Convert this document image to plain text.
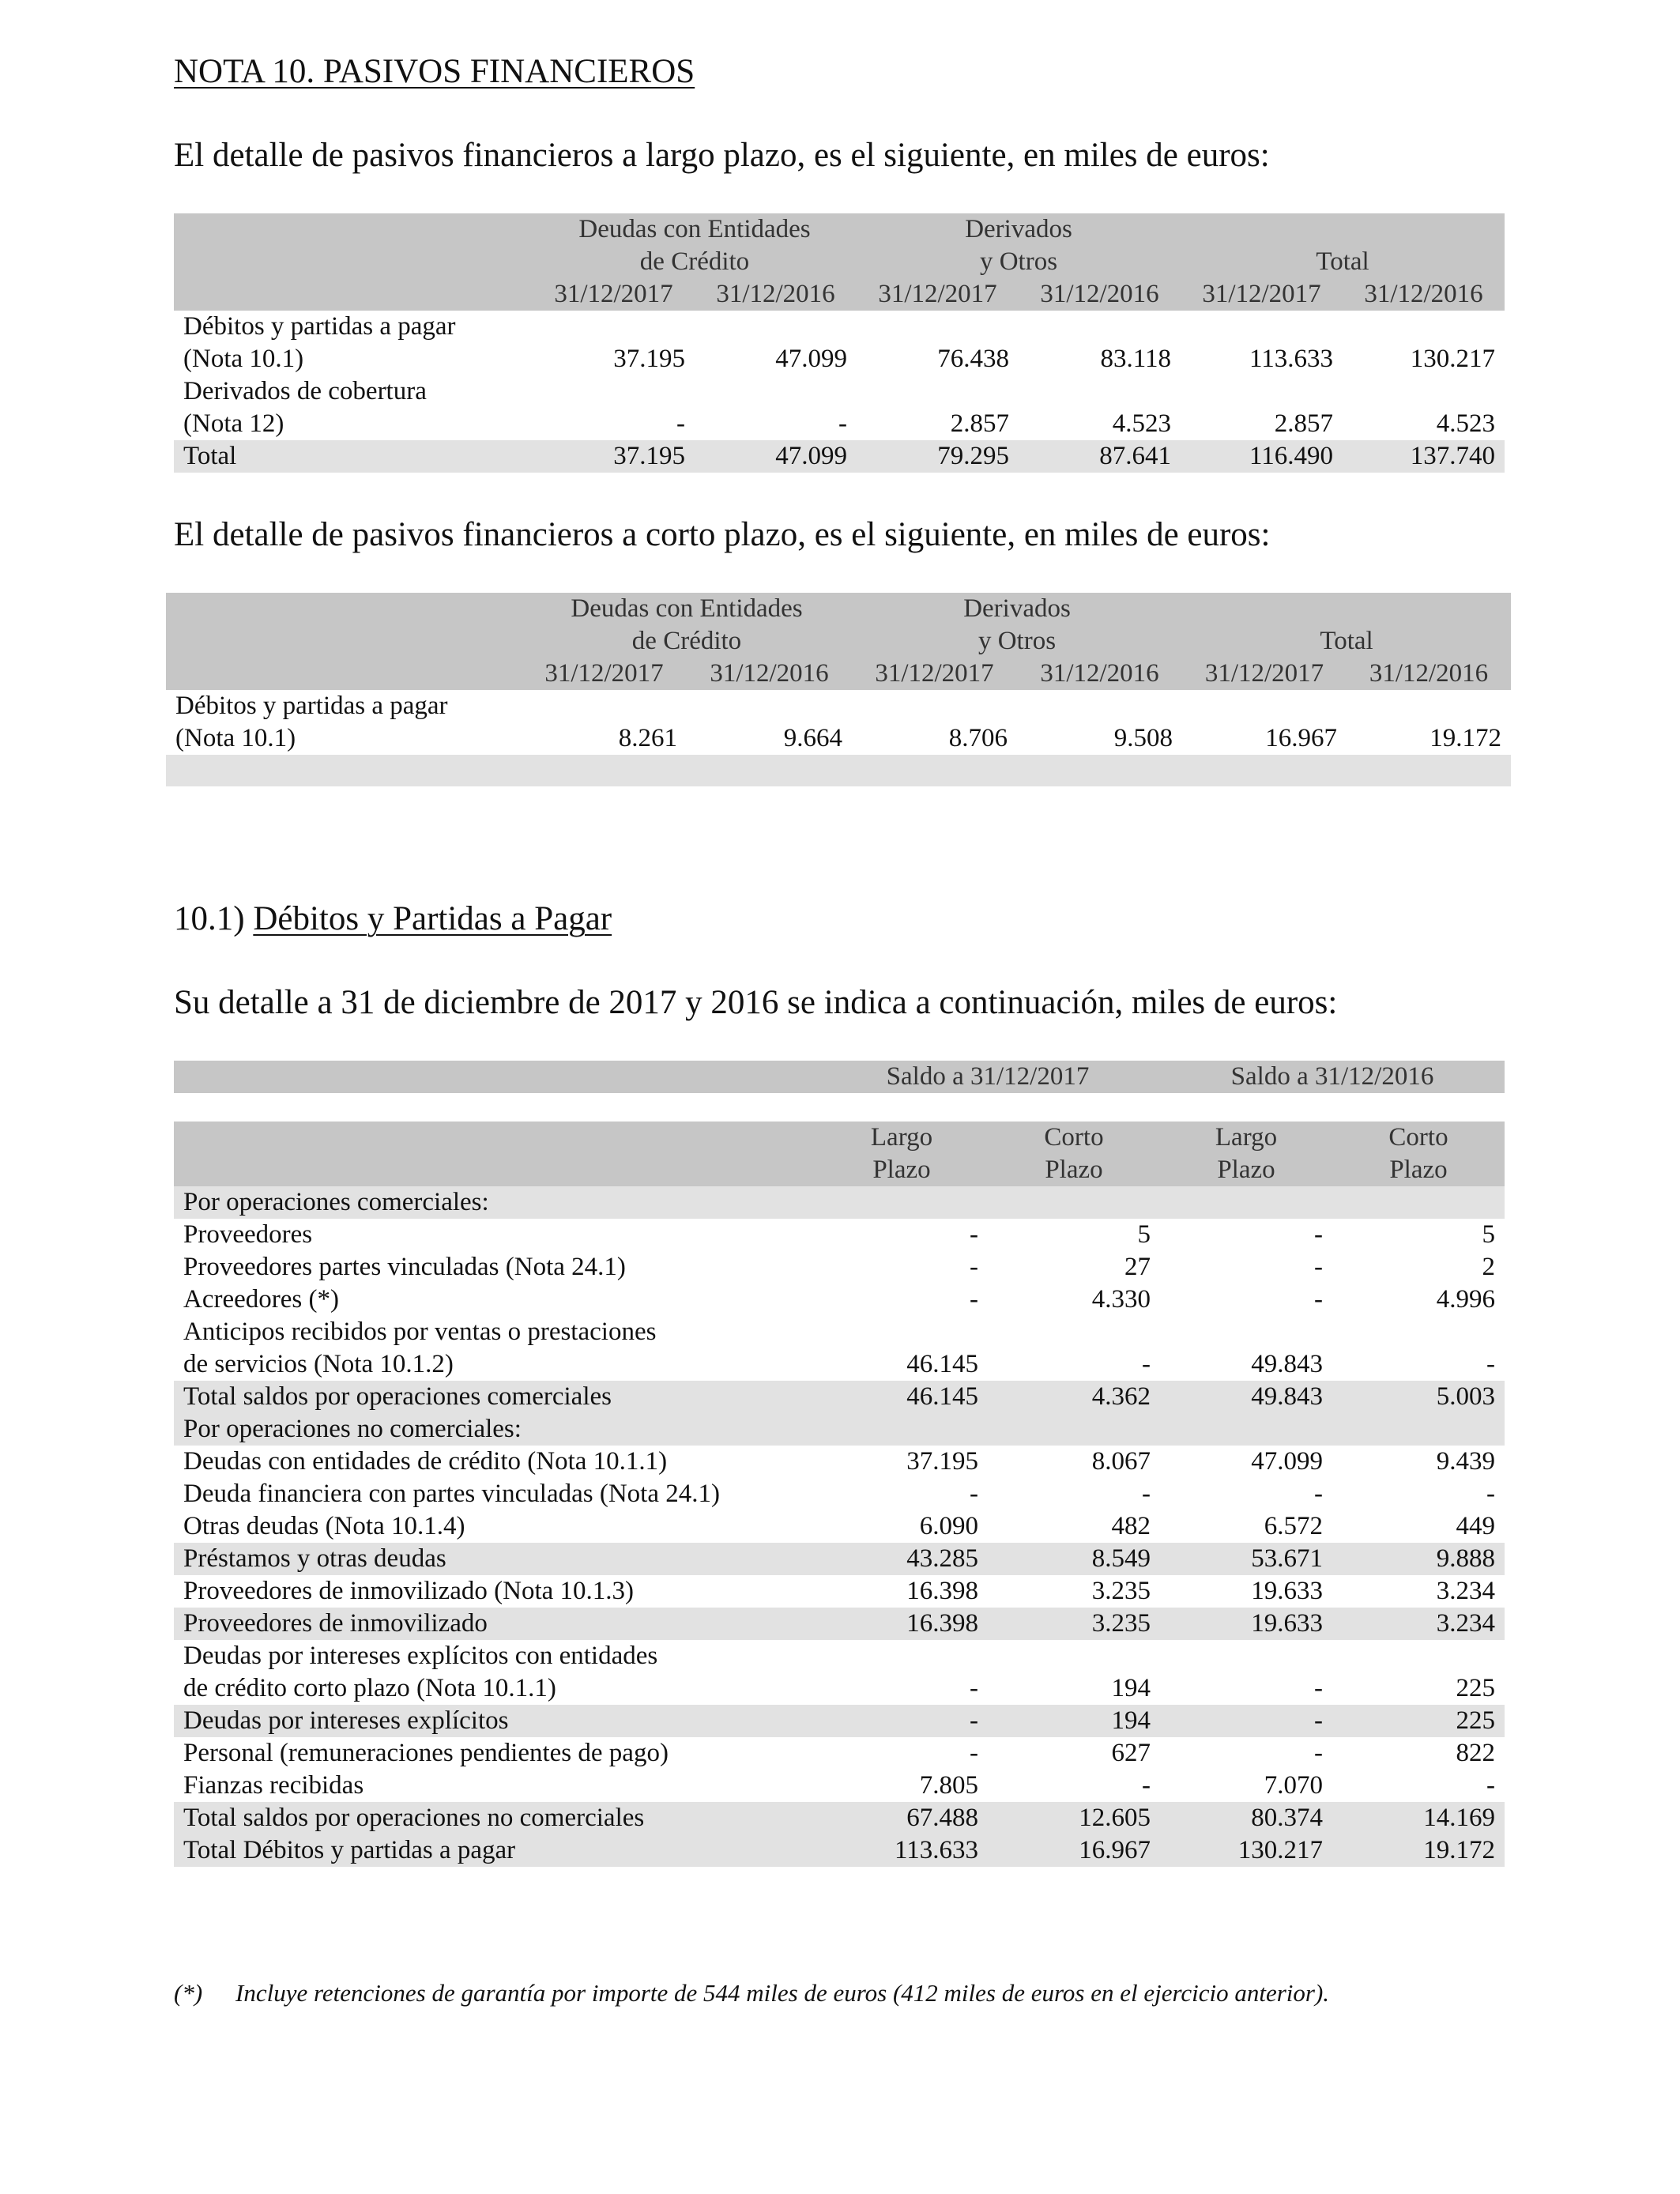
NOTA 10. PASIVOS FINANCIEROS
El detalle de pasivos financieros a largo plazo, es el siguiente, en miles de euros:
	Deudas con Entidades		Derivados			
	de Crédito		y Otros		Total	
	31/12/2017	31/12/2016	31/12/2017	31/12/2016	31/12/2017	31/12/2016
Débitos y partidas a pagar						
(Nota 10.1)	37.195	47.099	76.438	83.118	113.633	130.217
Derivados de cobertura						
(Nota 12)	-	-	2.857	4.523	2.857	4.523
Total	37.195	47.099	79.295	87.641	116.490	137.740
El detalle de pasivos financieros a corto plazo, es el siguiente, en miles de euros:
	Deudas con Entidades		Derivados			
	de Crédito		y Otros		Total	

	31/12/2017	31/12/2016	31/12/2017	31/12/2016	31/12/2017	31/12/2016

Débitos y partidas a pagar						
(Nota 10.1)	8.261	9.664	8.706	9.508	16.967	19.172

10.1) Débitos y Partidas a Pagar
Su detalle a 31 de diciembre de 2017 y 2016 se indica a continuación, miles de euros:
	Saldo a 31/12/2017		Saldo a 31/12/2016	

	Largo	Corto	Largo	Corto
	Plazo	Plazo	Plazo	Plazo
Por operaciones comerciales:				
Proveedores	-	5	-	5
Proveedores partes vinculadas (Nota 24.1)	-	27	-	2
Acreedores (*)	-	4.330	-	4.996
Anticipos recibidos por ventas o prestaciones				
de servicios (Nota 10.1.2)	46.145	-	49.843	-
Total saldos por operaciones comerciales	46.145	4.362	49.843	5.003
Por operaciones no comerciales:				
Deudas con entidades de crédito (Nota 10.1.1)	37.195	8.067	47.099	9.439
Deuda financiera con partes vinculadas (Nota 24.1)	-	-	-	-
Otras deudas (Nota 10.1.4)	6.090	482	6.572	449
Préstamos y otras deudas	43.285	8.549	53.671	9.888
Proveedores de inmovilizado (Nota 10.1.3)	16.398	3.235	19.633	3.234
Proveedores de inmovilizado	16.398	3.235	19.633	3.234
Deudas por intereses explícitos con entidades				
de crédito corto plazo (Nota 10.1.1)	-	194	-	225
Deudas por intereses explícitos	-	194	-	225
Personal (remuneraciones pendientes de pago)	-	627	-	822
Fianzas recibidas	7.805	-	7.070	-
Total saldos por operaciones no comerciales	67.488	12.605	80.374	14.169
Total Débitos y partidas a pagar	113.633	16.967	130.217	19.172
(*) Incluye retenciones de garantía por importe de 544 miles de euros (412 miles de euros en el ejercicio anterior).
